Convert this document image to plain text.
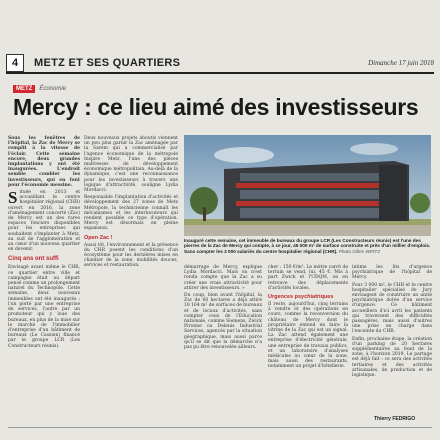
4	METZ ET SES QUARTIERS	Dimanche 17 juin 2018
METZ	Économie
Mercy : ce lieu aimé des investisseurs

Sous les fenêtres de l'hôpital, la Zac de Mercy se remplit à la vitesse de l'éclair. Cette semaine encore, deux grandes implantations y ont été inaugurées. L'endroit semble combler les investisseurs, qui en font pour l'économie messine.

Située en 2013 et accueillant le centre hospitalier régional (CHR) ouvert en 2016, la zone d'aménagement concerté (Zac) de Mercy est un des rares espaces fonciers disponibles pour les entreprises qui souhaitent s'implanter à Metz, au sud de l'agglomération et au cœur d'un nouveau quartier en devenir.

Cinq ans ont suffi

Envisagé avant même le CHR, ce quartier entre ville et campagne était au départ pensé comme un prolongement naturel du Technopôle. Cette semaine, deux nouveaux immeubles ont été inaugurés : l'un porté par une entreprise de services, l'autre par un promoteur qui y loue des bureaux, en plus de la mise sur le marché de l'immobilier d'entreprise d'un bâtiment de bureaux (Le Cassien) financé par le groupe LCR (Les Constructeurs réunis).

Deux nouveaux projets aboutis viennent un peu plus garnir la Zac aménagée par la Sarem qui a commercialisé par l'agence économique de la métropole Inspire Metz, l'une des pièces maîtresses de développement économique métropolitain. Au-delà de la dynamique, c'est une reconnaissance pour les investisseurs à travers une logique d'attractivité, souligne Lydia Mordacci.

Responsable l'implantation d'activités et développement des 27 zones de Metz Métropole, la technicienne connaît les mécanismes et les interlocuteurs qui rendent possible ce type d'opération. Mercy est désormais en pleine expansion.

Open Zac !

Aussi tôt, l'environnement et la présence du CHR posent les conditions d'un écosystème pour les dernières mises en chantier de la zone, mobilités douces, services et restauration.

Inauguré cette semaine, cet immeuble de bureaux du groupe LCR (Les Constructeurs réunis) est l'une des pierres de la Zac de Mercy qui compte, à ce jour, 45 000 m² de surface construite et près d'un millier d'emplois. Sans compter les 3 000 salariés du centre hospitalier régional (CHR). Photo Gilles WIRTZ

démarrage de Mercy, explique Lydia Mordacci. Mais on n'est rendu compte que la Zac a su créer une vraie attractivité pour attirer des investisseurs. »

Du coup, bien avant l'hôpital, la Zac de 60 hectares a déjà attiré 18 164 m² de surfaces de bureaux et de locaux d'activités, sans compter ceux de l'Éducation nationale, comme Siemens, Zwick Pironne ou Delenis Industrial Services, agencés par la situation géographique, mais aussi parce qu'il se dit que la démarche n'a pas pu être renouvelée ailleurs.

cher : 150 €/m². Le mètre carré de terrain se vend, lui, 45 €. Mis à part Zwick et l'UDQM, on en retrouve des déplacements d'activités locales.

Urgences psychiatriques

Il reste, aujourd'hui, cinq terrains à vendre et des opérations en cours, comme la reconversion du château de Mercy dont le propriétaire entend en faire la vitrine de la Zac qui est un signal. La Zac attend également une entreprise d'électricité générale, une entreprise de travaux publics, et un laboratoire d'analyses médicales au cœur de la zone, mais aussi des restaurants, notamment un projet d'hôtellerie.

intime les lits d'urgence psychiatrique de l'hôpital de Mercy.

Pour 3 000 m², le CHR et le centre hospitalier spécialisé de Jury envisagent de construire un unité psychiatrique dotée d'un service d'urgence. Ce bâtiment accueillera d'ici avril les patients qui traversent des difficultés passagères, mais aussi d'autres une prise en charge dans l'enceinte du CHR.

Enfin, prochaine étape, la création d'un parking de 20 hectares supplémentaires au fond de la zone, à l'horizon 2019. Le partage est déjà fait : ce sera des activités tertiaires et des activités artisanales, de production et de logistique.

Thierry FEDRIGO
